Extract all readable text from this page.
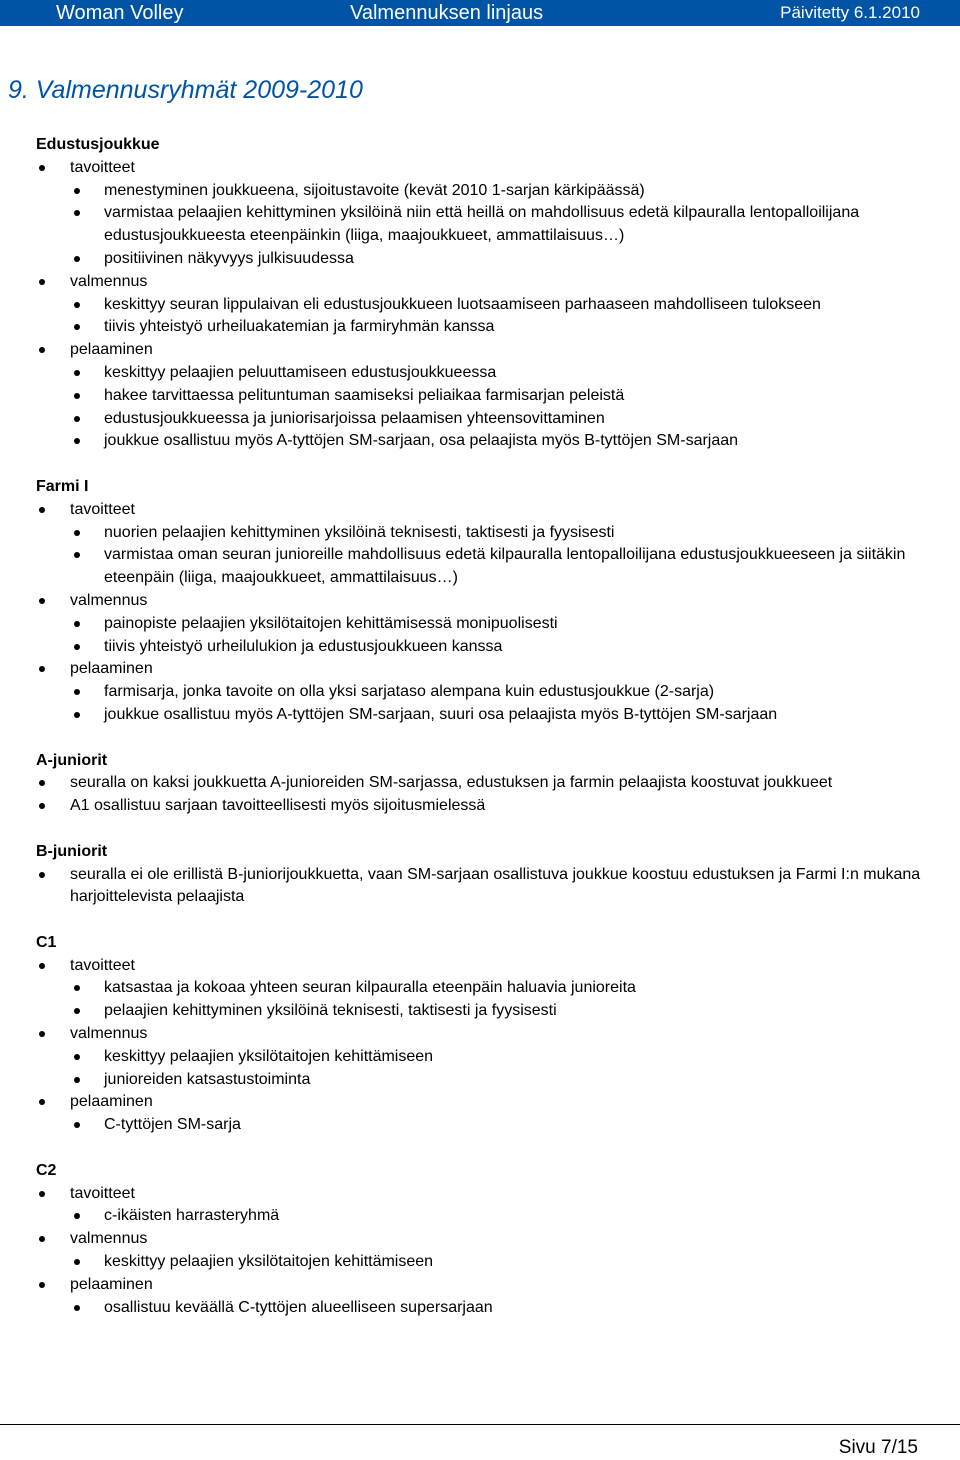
Woman Volley	Valmennuksen linjaus	Päivitetty 6.1.2010
9. Valmennusryhmät 2009-2010
Edustusjoukkue
tavoitteet
menestyminen joukkueena, sijoitustavoite (kevät 2010 1-sarjan kärkipäässä)
varmistaa pelaajien kehittyminen yksilöinä niin että heillä on mahdollisuus edetä kilpauralla lentopalloilijana edustusjoukkueesta eteenpäinkin (liiga, maajoukkueet, ammattilaisuus…)
positiivinen näkyvyys julkisuudessa
valmennus
keskittyy seuran lippulaivan eli edustusjoukkueen luotsaamiseen parhaaseen mahdolliseen tulokseen
tiivis yhteistyö urheiluakatemian ja farmiryhmän kanssa
pelaaminen
keskittyy pelaajien peluuttamiseen edustusjoukkueessa
hakee tarvittaessa pelituntuman saamiseksi peliaikaa farmisarjan peleistä
edustusjoukkueessa ja juniorisarjoissa pelaamisen yhteensovittaminen
joukkue osallistuu myös A-tyttöjen SM-sarjaan, osa pelaajista myös B-tyttöjen SM-sarjaan
Farmi I
tavoitteet
nuorien pelaajien kehittyminen yksilöinä teknisesti, taktisesti ja fyysisesti
varmistaa oman seuran junioreille mahdollisuus edetä kilpauralla lentopalloilijana edustusjoukkueeseen ja siitäkin eteenpäin (liiga, maajoukkueet, ammattilaisuus…)
valmennus
painopiste pelaajien yksilötaitojen kehittämisessä monipuolisesti
tiivis yhteistyö urheilulukion ja edustusjoukkueen kanssa
pelaaminen
farmisarja, jonka tavoite on olla yksi sarjataso alempana kuin edustusjoukkue (2-sarja)
joukkue osallistuu myös A-tyttöjen SM-sarjaan, suuri osa pelaajista myös B-tyttöjen SM-sarjaan
A-juniorit
seuralla on kaksi joukkuetta A-junioreiden SM-sarjassa, edustuksen ja farmin pelaajista koostuvat joukkueet
A1 osallistuu sarjaan tavoitteellisesti myös sijoitusmielessä
B-juniorit
seuralla ei ole erillistä B-juniorijoukkuetta, vaan SM-sarjaan osallistuva joukkue koostuu edustuksen ja Farmi I:n mukana harjoittelevista pelaajista
C1
tavoitteet
katsastaa ja kokoaa yhteen seuran kilpauralla eteenpäin haluavia junioreita
pelaajien kehittyminen yksilöinä teknisesti, taktisesti ja fyysisesti
valmennus
keskittyy pelaajien yksilötaitojen kehittämiseen
junioreiden katsastustoiminta
pelaaminen
C-tyttöjen SM-sarja
C2
tavoitteet
c-ikäisten harrasteryhmä
valmennus
keskittyy pelaajien yksilötaitojen kehittämiseen
pelaaminen
osallistuu keväällä C-tyttöjen alueelliseen supersarjaan
Sivu 7/15
